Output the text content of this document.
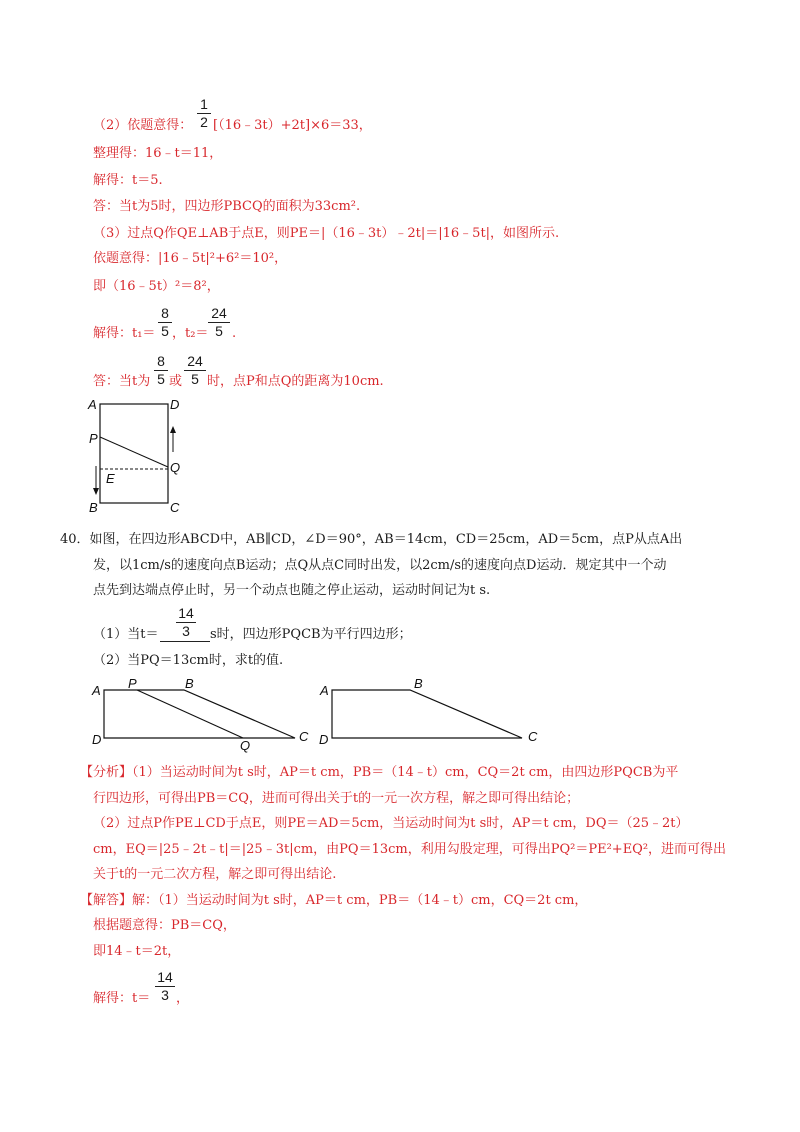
1
2
（2）依题意得： [（16﹣3t）+2t]×6＝33，
整理得：16﹣t＝11，
解得：t＝5.
答：当t为5时，四边形PBCQ的面积为33cm².
（3）过点Q作QE⊥AB于点E，则PE＝|（16﹣3t）﹣2t|＝|16﹣5t|，如图所示.
依题意得：|16﹣5t|²+6²＝10²，
即（16﹣5t）²＝8²，
解得：t₁＝
8
5 ，t₂＝
24
5 .
答：当t为
8
5 或
24
5 时，点P和点Q的距离为10cm.
A	D
P
Q
E
B	C
40．如图，在四边形ABCD中，AB∥CD，∠D＝90°，AB＝14cm，CD＝25cm，AD＝5cm，点P从点A出
发，以1cm/s的速度向点B运动；点Q从点C同时出发，以2cm/s的速度向点D运动．规定其中一个动
点先到达端点停止时，另一个动点也随之停止运动，运动时间记为t s.
（1）当t＝
14
3	s时，四边形PQCB为平行四边形；
（2）当PQ＝13cm时，求t的值.
A P	B
D	Q
C
A	B
D	C
【分析】（1）当运动时间为t s时，AP＝t cm，PB＝（14﹣t）cm，CQ＝2t cm，由四边形PQCB为平
行四边形，可得出PB＝CQ，进而可得出关于t的一元一次方程，解之即可得出结论；
（2）过点P作PE⊥CD于点E，则PE＝AD＝5cm，当运动时间为t s时，AP＝t cm，DQ＝（25﹣2t）
cm，EQ＝|25﹣2t﹣t|＝|25﹣3t|cm，由PQ＝13cm，利用勾股定理，可得出PQ²＝PE²+EQ²，进而可得出
关于t的一元二次方程，解之即可得出结论.
【解答】解：（1）当运动时间为t s时，AP＝t cm，PB＝（14﹣t）cm，CQ＝2t cm，
根据题意得：PB＝CQ，
即14﹣t＝2t，
解得：t＝
14
3 ，
